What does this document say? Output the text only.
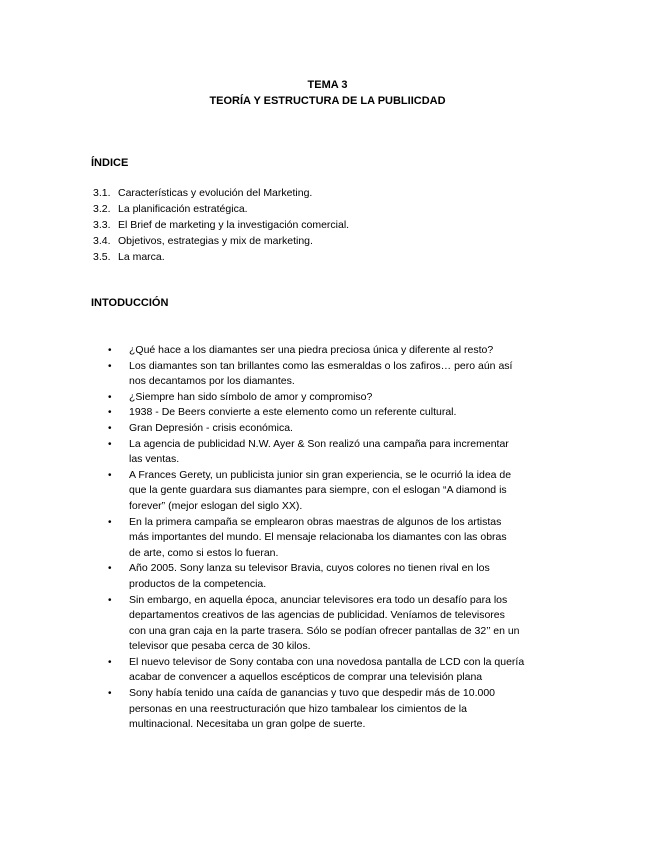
TEMA 3
TEORÍA Y ESTRUCTURA DE LA PUBLIICDAD
ÍNDICE
3.1. Características y evolución del Marketing.
3.2. La planificación estratégica.
3.3. El Brief de marketing y la investigación comercial.
3.4. Objetivos, estrategias y mix de marketing.
3.5. La marca.
INTODUCCIÓN
• ¿Qué hace a los diamantes ser una piedra preciosa única y diferente al resto?
• Los diamantes son tan brillantes como las esmeraldas o los zafiros… pero aún así
nos decantamos por los diamantes.
• ¿Siempre han sido símbolo de amor y compromiso?
• 1938 - De Beers convierte a este elemento como un referente cultural.
• Gran Depresión - crisis económica.
• La agencia de publicidad N.W. Ayer & Son realizó una campaña para incrementar
las ventas.
• A Frances Gerety, un publicista junior sin gran experiencia, se le ocurrió la idea de
que la gente guardara sus diamantes para siempre, con el eslogan “A diamond is
forever” (mejor eslogan del siglo XX).
• En la primera campaña se emplearon obras maestras de algunos de los artistas
más importantes del mundo. El mensaje relacionaba los diamantes con las obras
de arte, como si estos lo fueran.
• Año 2005. Sony lanza su televisor Bravia, cuyos colores no tienen rival en los
productos de la competencia.
• Sin embargo, en aquella época, anunciar televisores era todo un desafío para los
departamentos creativos de las agencias de publicidad. Veníamos de televisores
con una gran caja en la parte trasera. Sólo se podían ofrecer pantallas de 32’’ en un
televisor que pesaba cerca de 30 kilos.
• El nuevo televisor de Sony contaba con una novedosa pantalla de LCD con la quería
acabar de convencer a aquellos escépticos de comprar una televisión plana
• Sony había tenido una caída de ganancias y tuvo que despedir más de 10.000
personas en una reestructuración que hizo tambalear los cimientos de la
multinacional. Necesitaba un gran golpe de suerte.
